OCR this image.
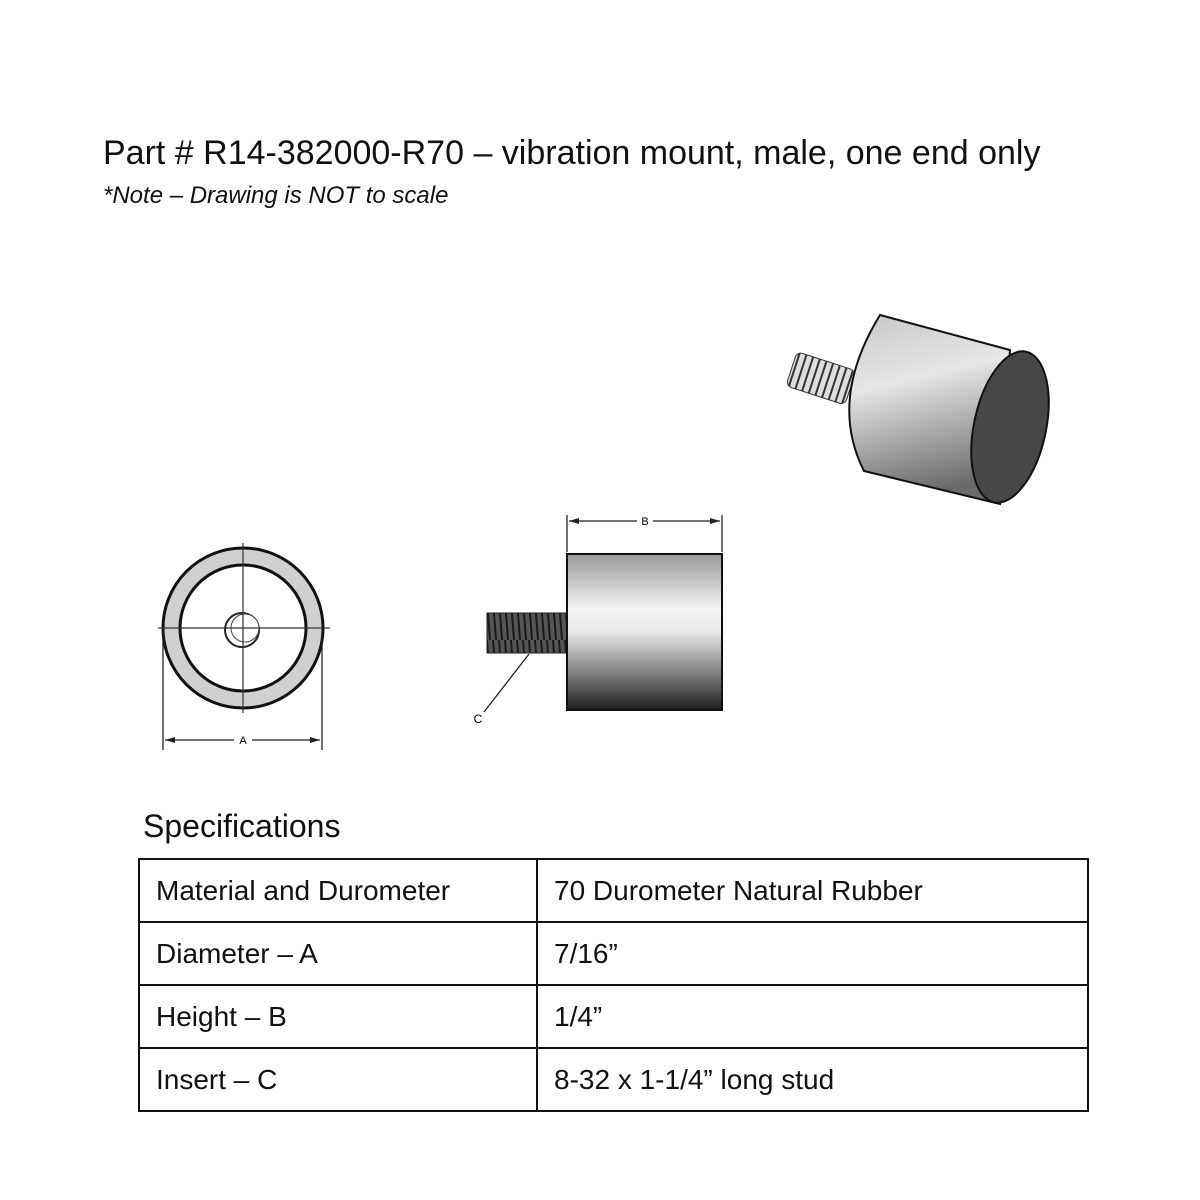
Part # R14-382000-R70 – vibration mount, male, one end only
*Note – Drawing is NOT to scale
A
B
C
Specifications
Material and Durometer	70 Durometer Natural Rubber
Diameter – A	7/16”
Height – B	1/4”
Insert – C	8-32 x 1-1/4” long stud
